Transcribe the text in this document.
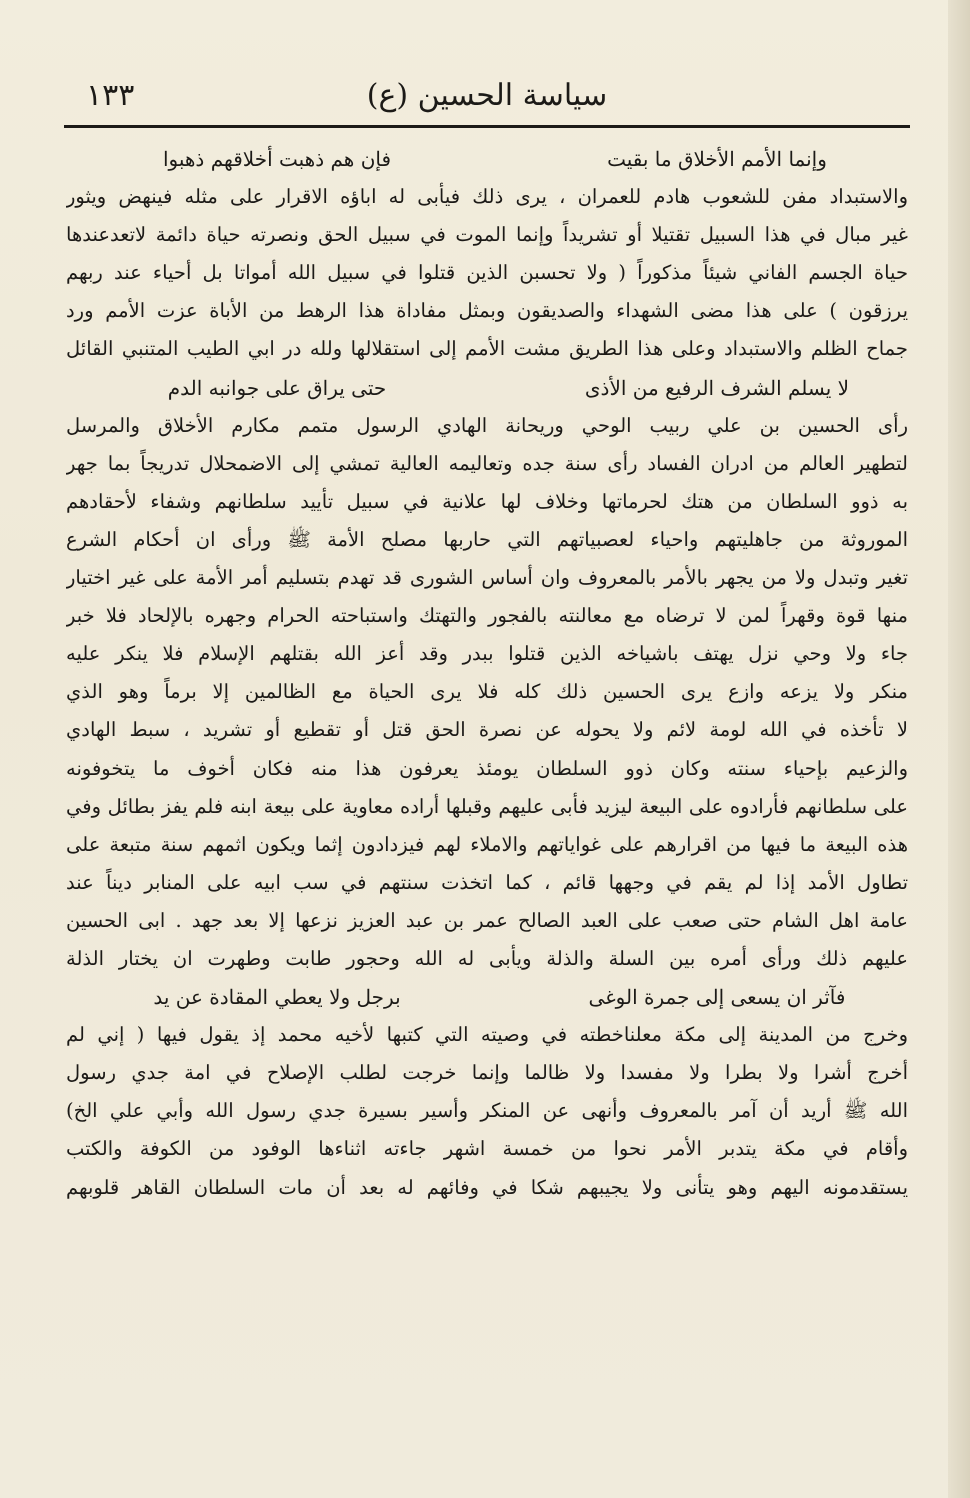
سياسة الحسين (ع)
١٣٣
وإنما الأمم الأخلاق ما بقيت
فإن هم ذهبت أخلاقهم ذهبوا
والاستبداد مفن للشعوب هادم للعمران ، يرى ذلك فيأبى له اباؤه الاقرار على مثله فينهض ويثور
غير مبال في هذا السبيل تقتيلا أو تشريداً وإنما الموت في سبيل الحق ونصرته حياة دائمة لاتعدعندها
حياة الجسم الفاني شيئاً مذكوراً ( ولا تحسبن الذين قتلوا في سبيل الله أمواتا بل أحياء عند ربهم
يرزقون ) على هذا مضى الشهداء والصديقون وبمثل مفاداة هذا الرهط من الأباة عزت الأمم ورد
جماح الظلم والاستبداد وعلى هذا الطريق مشت الأمم إلى استقلالها ولله در ابي الطيب المتنبي القائل
لا يسلم الشرف الرفيع من الأذى
حتى يراق على جوانبه الدم
رأى الحسين بن علي ربيب الوحي وريحانة الهادي الرسول متمم مكارم الأخلاق والمرسل
لتطهير العالم من ادران الفساد رأى سنة جده وتعاليمه العالية تمشي إلى الاضمحلال تدريجاً بما جهر
به ذوو السلطان من هتك لحرماتها وخلاف لها علانية في سبيل تأييد سلطانهم وشفاء لأحقادهم
الموروثة من جاهليتهم واحياء لعصبياتهم التي حاربها مصلح الأمة ﷺ ورأى ان أحكام الشرع
تغير وتبدل ولا من يجهر بالأمر بالمعروف وان أساس الشورى قد تهدم بتسليم أمر الأمة على غير اختيار
منها قوة وقهراً لمن لا ترضاه مع معالنته بالفجور والتهتك واستباحته الحرام وجهره بالإلحاد فلا خبر
جاء ولا وحي نزل يهتف باشياخه الذين قتلوا ببدر وقد أعز الله بقتلهم الإسلام فلا ينكر عليه
منكر ولا يزعه وازع يرى الحسين ذلك كله فلا يرى الحياة مع الظالمين إلا برماً وهو الذي
لا تأخذه في الله لومة لائم ولا يحوله عن نصرة الحق قتل أو تقطيع أو تشريد ، سبط الهادي
والزعيم بإحياء سنته وكان ذوو السلطان يومئذ يعرفون هذا منه فكان أخوف ما يتخوفونه
على سلطانهم فأرادوه على البيعة ليزيد فأبى عليهم وقبلها أراده معاوية على بيعة ابنه فلم يفز بطائل وفي
هذه البيعة ما فيها من اقرارهم على غواياتهم والاملاء لهم فيزدادون إثما ويكون اثمهم سنة متبعة على
تطاول الأمد إذا لم يقم في وجهها قائم ، كما اتخذت سنتهم في سب ابيه على المنابر ديناً عند
عامة اهل الشام حتى صعب على العبد الصالح عمر بن عبد العزيز نزعها إلا بعد جهد . ابى الحسين
عليهم ذلك ورأى أمره بين السلة والذلة ويأبى له الله وحجور طابت وطهرت ان يختار الذلة
فآثر ان يسعى إلى جمرة الوغى
برجل ولا يعطي المقادة عن يد
وخرج من المدينة إلى مكة معلناخطته في وصيته التي كتبها لأخيه محمد إذ يقول فيها ( إني لم
أخرج أشرا ولا بطرا ولا مفسدا ولا ظالما وإنما خرجت لطلب الإصلاح في امة جدي رسول
الله ﷺ أريد أن آمر بالمعروف وأنهى عن المنكر وأسير بسيرة جدي رسول الله وأبي علي الخ)
وأقام في مكة يتدبر الأمر نحوا من خمسة اشهر جاءته اثناءها الوفود من الكوفة والكتب
يستقدمونه اليهم وهو يتأنى ولا يجيبهم شكا في وفائهم له بعد أن مات السلطان القاهر قلوبهم
